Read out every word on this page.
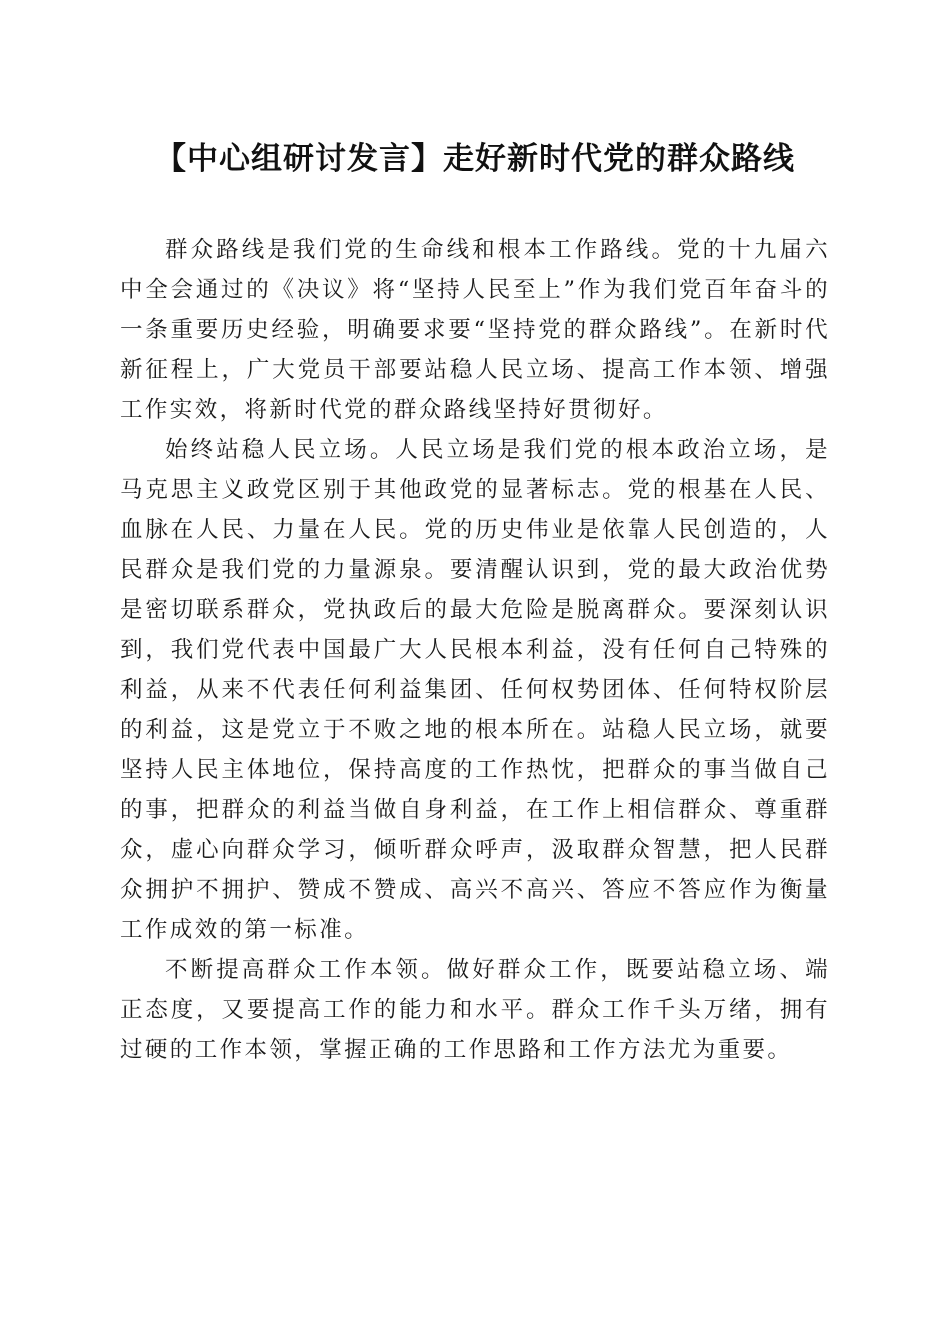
【中心组研讨发言】走好新时代党的群众路线

群众路线是我们党的生命线和根本工作路线。党的十九届六中全会通过的《决议》将“坚持人民至上”作为我们党百年奋斗的一条重要历史经验，明确要求要“坚持党的群众路线”。在新时代新征程上，广大党员干部要站稳人民立场、提高工作本领、增强工作实效，将新时代党的群众路线坚持好贯彻好。

始终站稳人民立场。人民立场是我们党的根本政治立场，是马克思主义政党区别于其他政党的显著标志。党的根基在人民、血脉在人民、力量在人民。党的历史伟业是依靠人民创造的，人民群众是我们党的力量源泉。要清醒认识到，党的最大政治优势是密切联系群众，党执政后的最大危险是脱离群众。要深刻认识到，我们党代表中国最广大人民根本利益，没有任何自己特殊的利益，从来不代表任何利益集团、任何权势团体、任何特权阶层的利益，这是党立于不败之地的根本所在。站稳人民立场，就要坚持人民主体地位，保持高度的工作热忱，把群众的事当做自己的事，把群众的利益当做自身利益，在工作上相信群众、尊重群众，虚心向群众学习，倾听群众呼声，汲取群众智慧，把人民群众拥护不拥护、赞成不赞成、高兴不高兴、答应不答应作为衡量工作成效的第一标准。

不断提高群众工作本领。做好群众工作，既要站稳立场、端正态度，又要提高工作的能力和水平。群众工作千头万绪，拥有过硬的工作本领，掌握正确的工作思路和工作方法尤为重要。
